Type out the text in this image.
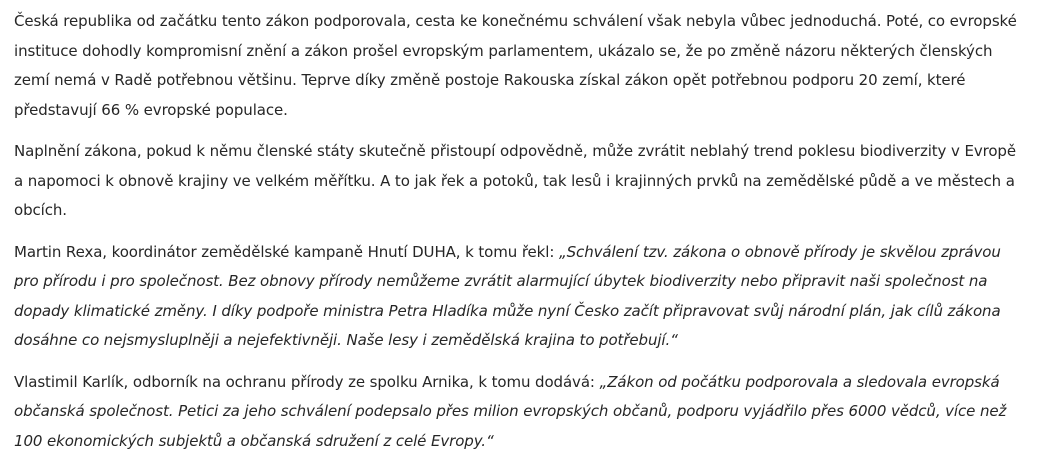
Česká republika od začátku tento zákon podporovala, cesta ke konečnému schválení však nebyla vůbec jednoduchá. Poté, co evropské instituce dohodly kompromisní znění a zákon prošel evropským parlamentem, ukázalo se, že po změně názoru některých členských zemí nemá v Radě potřebnou většinu. Teprve díky změně postoje Rakouska získal zákon opět potřebnou podporu 20 zemí, které představují 66 % evropské populace.

Naplnění zákona, pokud k němu členské státy skutečně přistoupí odpovědně, může zvrátit neblahý trend poklesu biodiverzity v Evropě a napomoci k obnově krajiny ve velkém měřítku. A to jak řek a potoků, tak lesů i krajinných prvků na zemědělské půdě a ve městech a obcích.

Martin Rexa, koordinátor zemědělské kampaně Hnutí DUHA, k tomu řekl: „Schválení tzv. zákona o obnově přírody je skvělou zprávou pro přírodu i pro společnost. Bez obnovy přírody nemůžeme zvrátit alarmující úbytek biodiverzity nebo připravit naši společnost na dopady klimatické změny. I díky podpoře ministra Petra Hladíka může nyní Česko začít připravovat svůj národní plán, jak cílů zákona dosáhne co nejsmysluplněji a nejefektivněji. Naše lesy i zemědělská krajina to potřebují.“

Vlastimil Karlík, odborník na ochranu přírody ze spolku Arnika, k tomu dodává: „Zákon od počátku podporovala a sledovala evropská občanská společnost. Petici za jeho schválení podepsalo přes milion evropských občanů, podporu vyjádřilo přes 6000 vědců, více než 100 ekonomických subjektů a občanská sdružení z celé Evropy.“
